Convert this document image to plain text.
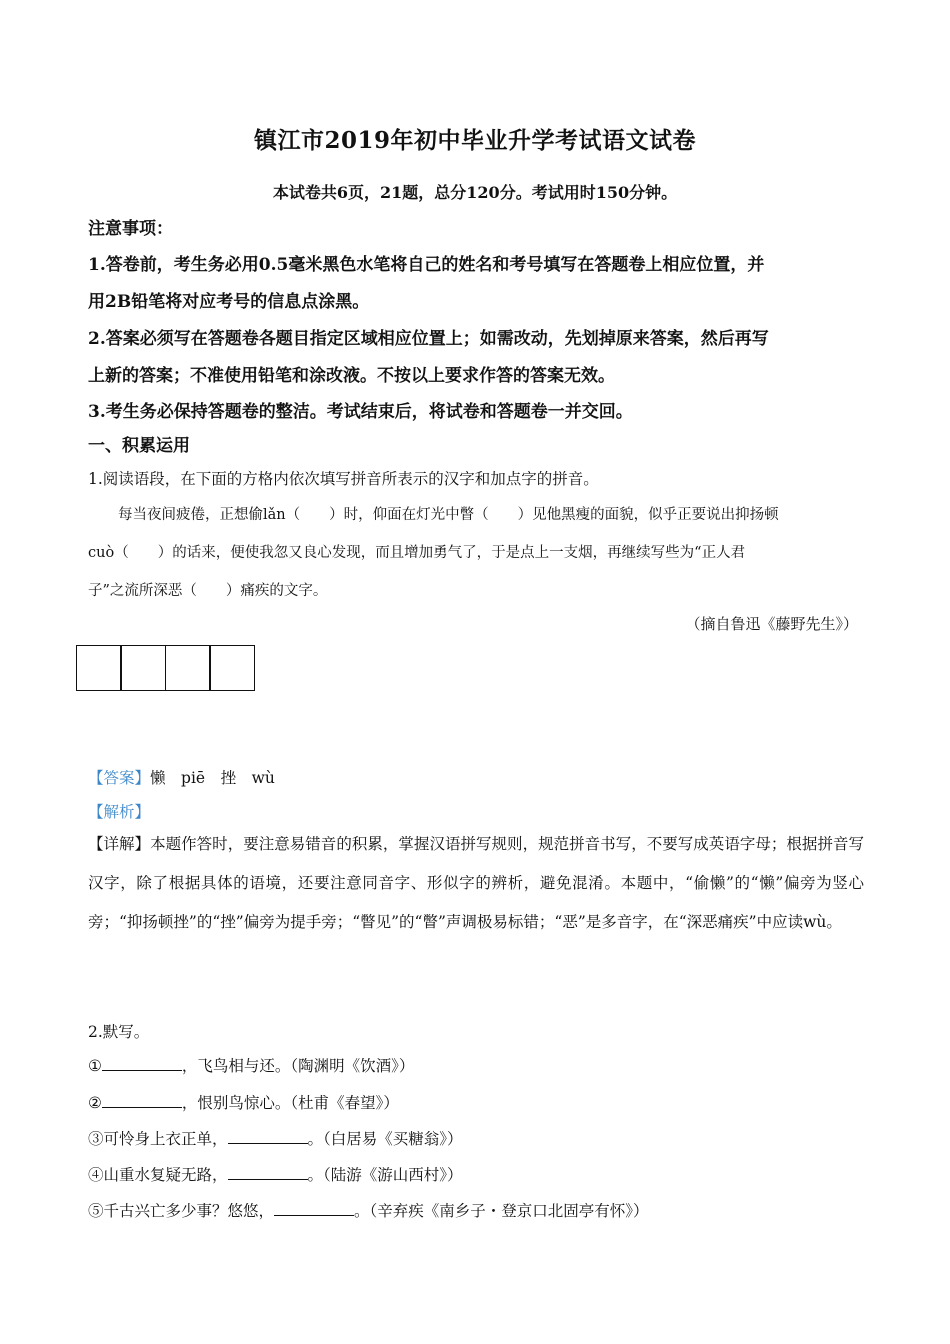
镇江市2019年初中毕业升学考试语文试卷
本试卷共6页，21题，总分120分。考试用时150分钟。
注意事项：
1.答卷前，考生务必用0.5毫米黑色水笔将自己的姓名和考号填写在答题卷上相应位置，并
用2B铅笔将对应考号的信息点涂黑。
2.答案必须写在答题卷各题目指定区域相应位置上；如需改动，先划掉原来答案，然后再写
上新的答案；不准使用铅笔和涂改液。不按以上要求作答的答案无效。
3.考生务必保持答题卷的整洁。考试结束后，将试卷和答题卷一并交回。
一、积累运用
1.阅读语段，在下面的方格内依次填写拼音所表示的汉字和加点字的拼音。
每当夜间疲倦，正想偷lǎn（　　）时，仰面在灯光中瞥（　　）见他黑瘦的面貌，似乎正要说出抑扬顿
cuò（　　）的话来，便使我忽又良心发现，而且增加勇气了，于是点上一支烟，再继续写些为“正人君
子”之流所深恶（　　）痛疾的文字。
（摘自鲁迅《藤野先生》）
【答案】懒　piē　挫　wù
【解析】
【详解】本题作答时，要注意易错音的积累，掌握汉语拼写规则，规范拼音书写，不要写成英语字母；根据拼音写汉字，除了根据具体的语境，还要注意同音字、形似字的辨析，避免混淆。本题中，“偷懒”的“懒”偏旁为竖心旁；“抑扬顿挫”的“挫”偏旁为提手旁；“瞥见”的“瞥”声调极易标错；“恶”是多音字，在“深恶痛疾”中应读wù。
2.默写。
①	，飞鸟相与还。（陶渊明《饮酒》）
②	，恨别鸟惊心。（杜甫《春望》）
③可怜身上衣正单，	。（白居易《买糖翁》）
④山重水复疑无路，	。（陆游《游山西村》）
⑤千古兴亡多少事？悠悠，	。（辛弃疾《南乡子・登京口北固亭有怀》）
